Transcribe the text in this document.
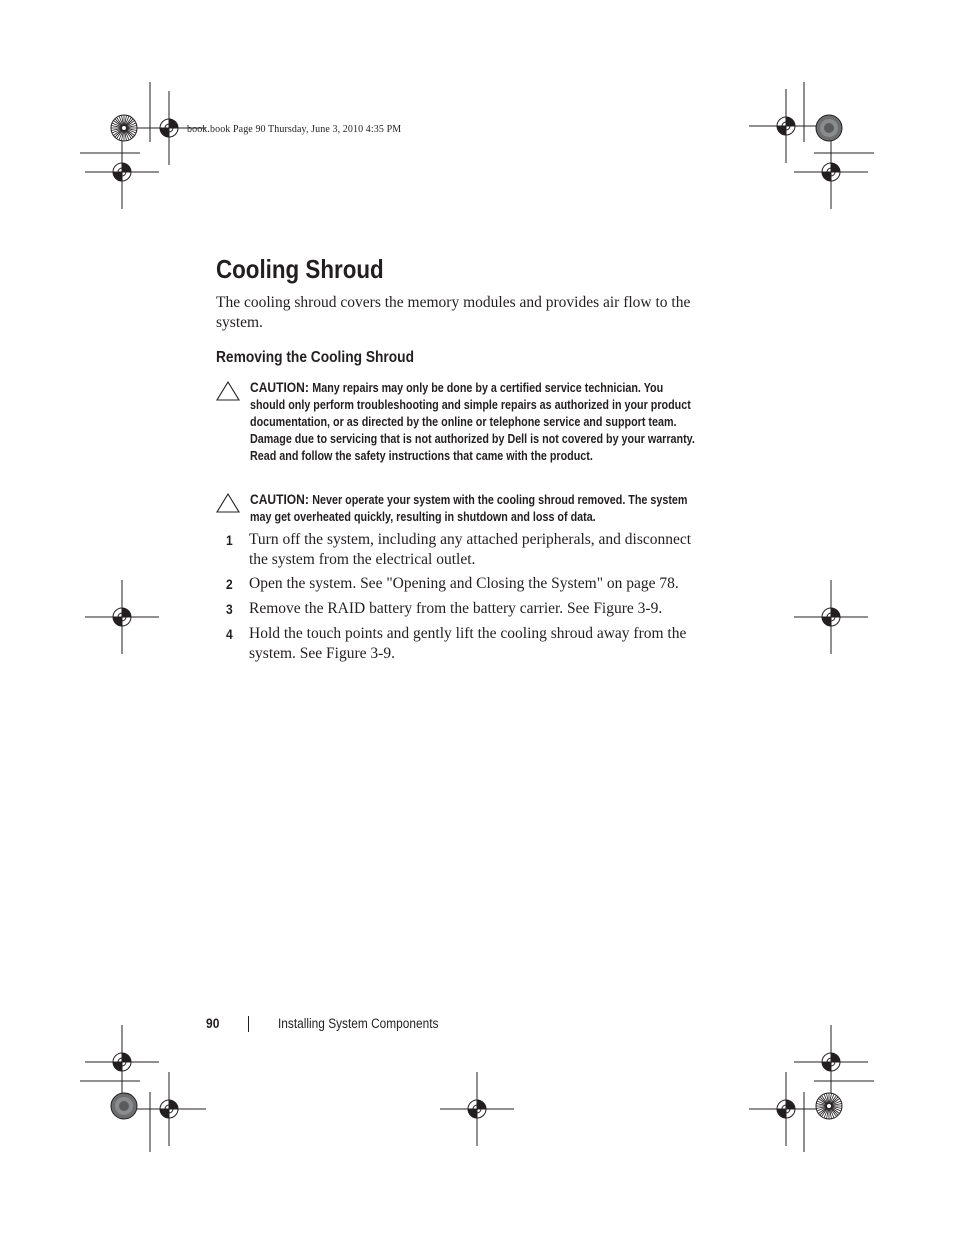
book.book Page 90 Thursday, June 3, 2010 4:35 PM
Cooling Shroud

The cooling shroud covers the memory modules and provides air flow to the system.

Removing the Cooling Shroud
CAUTION: Many repairs may only be done by a certified service technician. You should only perform troubleshooting and simple repairs as authorized in your product documentation, or as directed by the online or telephone service and support team. Damage due to servicing that is not authorized by Dell is not covered by your warranty. Read and follow the safety instructions that came with the product.
CAUTION: Never operate your system with the cooling shroud removed. The system may get overheated quickly, resulting in shutdown and loss of data.
1 Turn off the system, including any attached peripherals, and disconnect the system from the electrical outlet.
2 Open the system. See "Opening and Closing the System" on page 78.
3 Remove the RAID battery from the battery carrier. See Figure 3-9.
4 Hold the touch points and gently lift the cooling shroud away from the system. See Figure 3-9.
90	Installing System Components
